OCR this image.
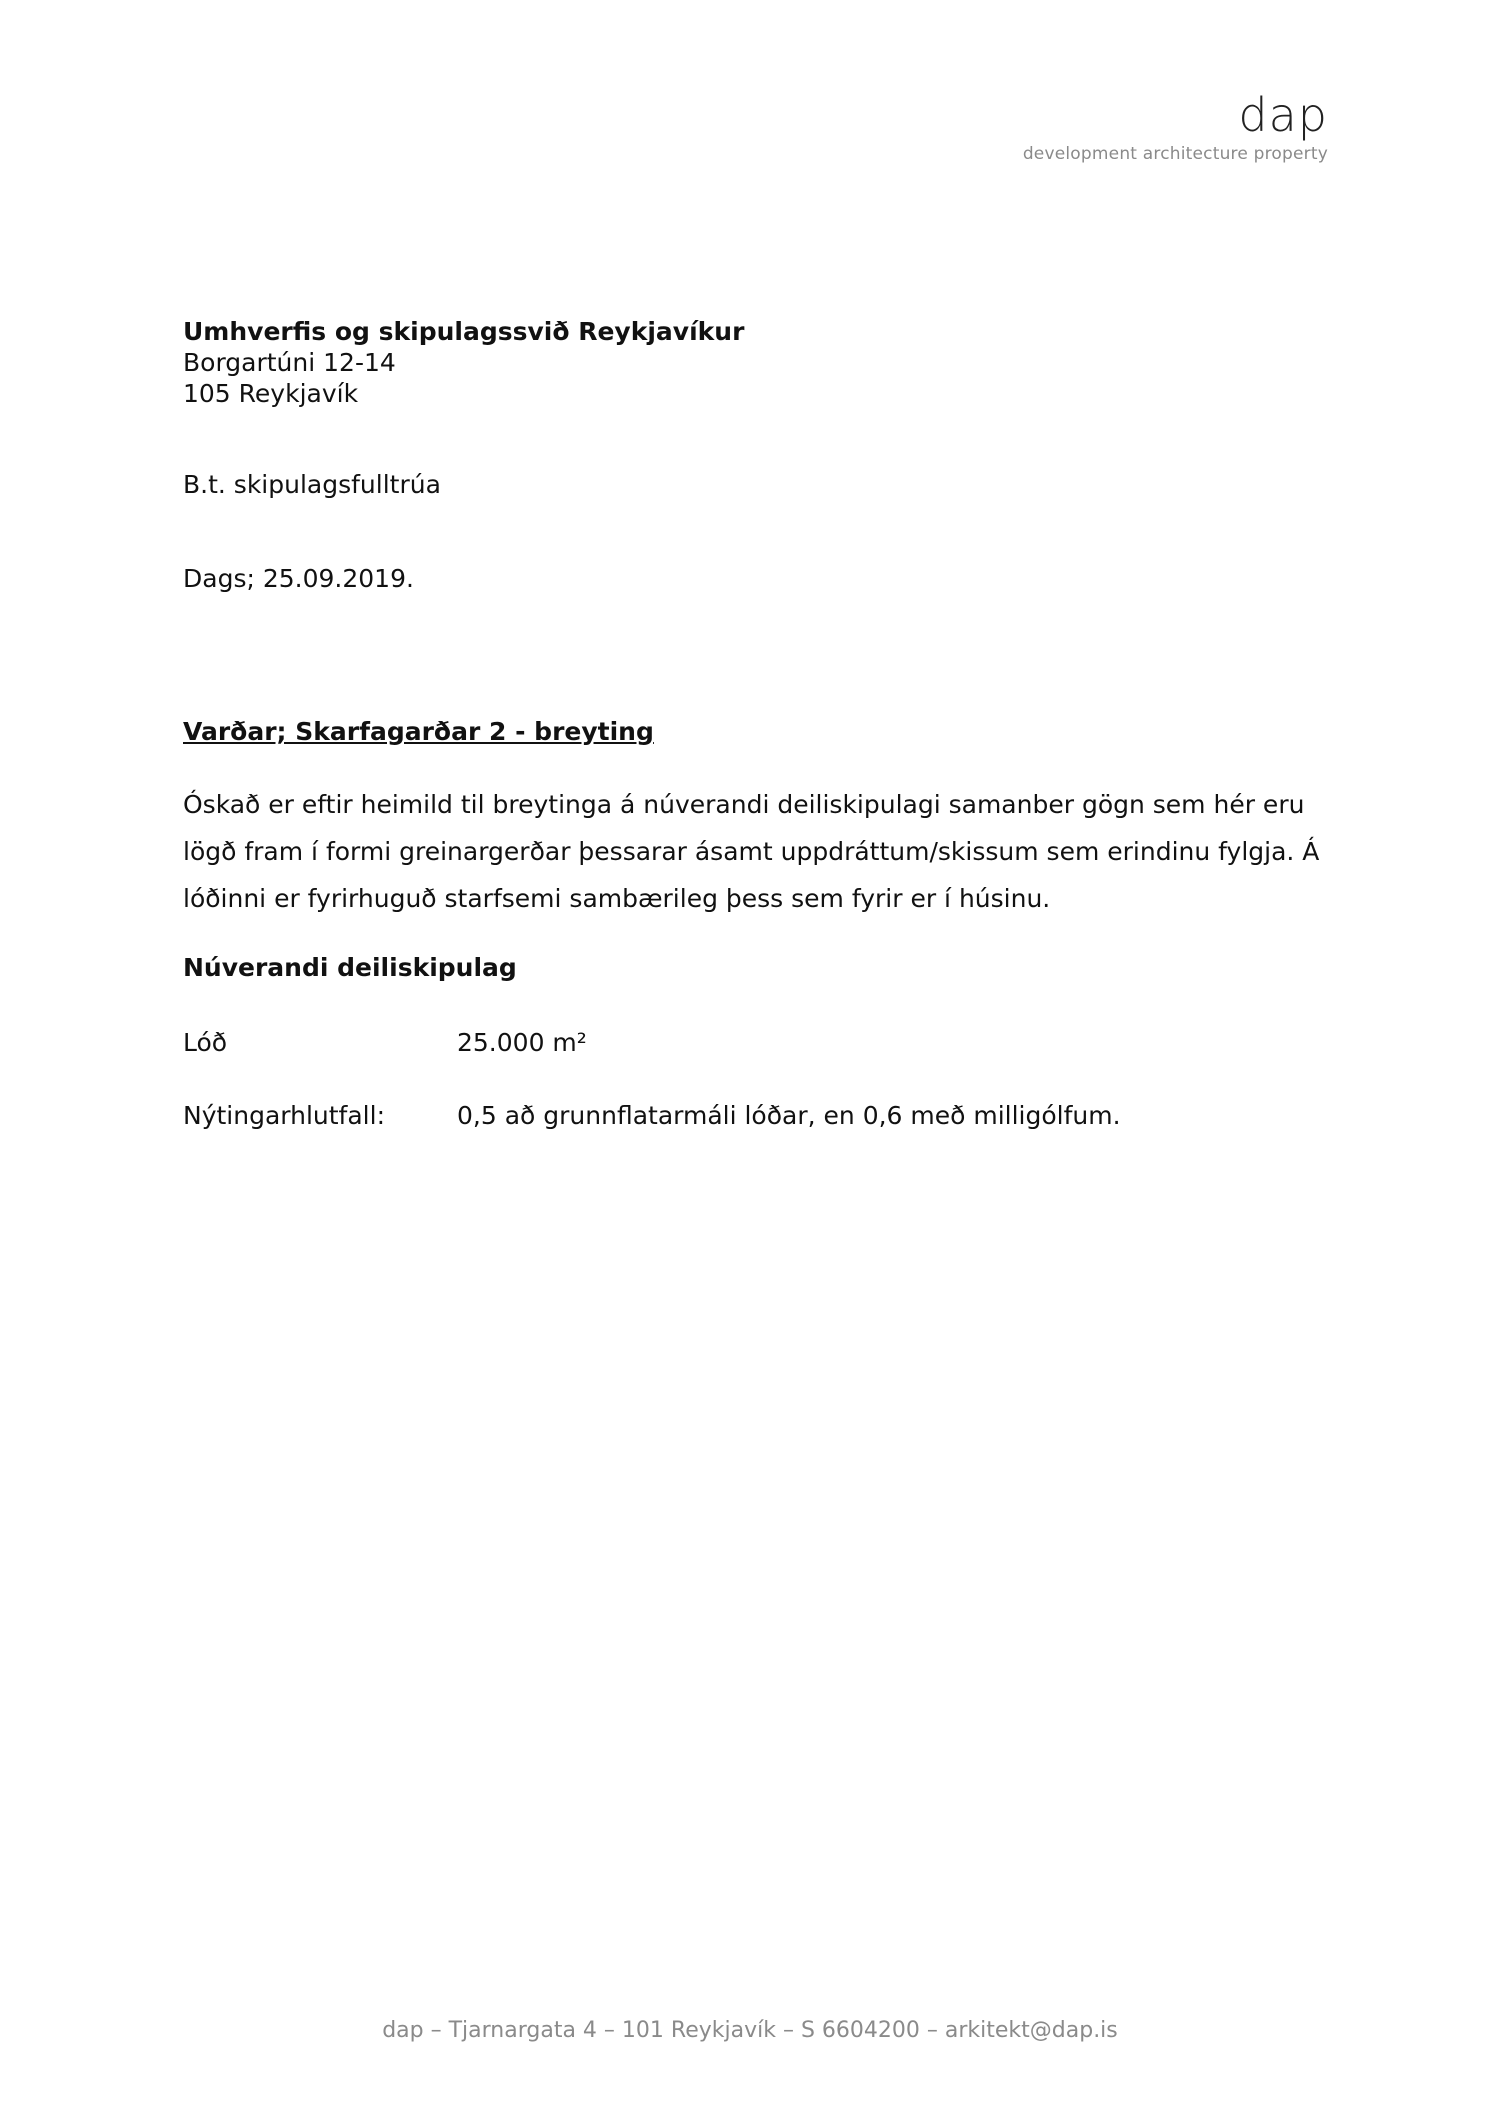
dap
development architecture property
Umhverfis og skipulagssvið Reykjavíkur
Borgartúni 12-14
105 Reykjavík
B.t. skipulagsfulltrúa
Dags; 25.09.2019.
Varðar; Skarfagarðar 2 - breyting
Óskað er eftir heimild til breytinga á núverandi deiliskipulagi samanber gögn sem hér eru lögð fram í formi greinargerðar þessarar ásamt uppdráttum/skissum sem erindinu fylgja. Á lóðinni er fyrirhuguð starfsemi sambærileg þess sem fyrir er í húsinu.
Núverandi deiliskipulag
Lóð	25.000 m²
Nýtingarhlutfall:	0,5 að grunnflatarmáli lóðar, en 0,6 með milligólfum.
dap – Tjarnargata 4 – 101 Reykjavík – S 6604200 – arkitekt@dap.is
